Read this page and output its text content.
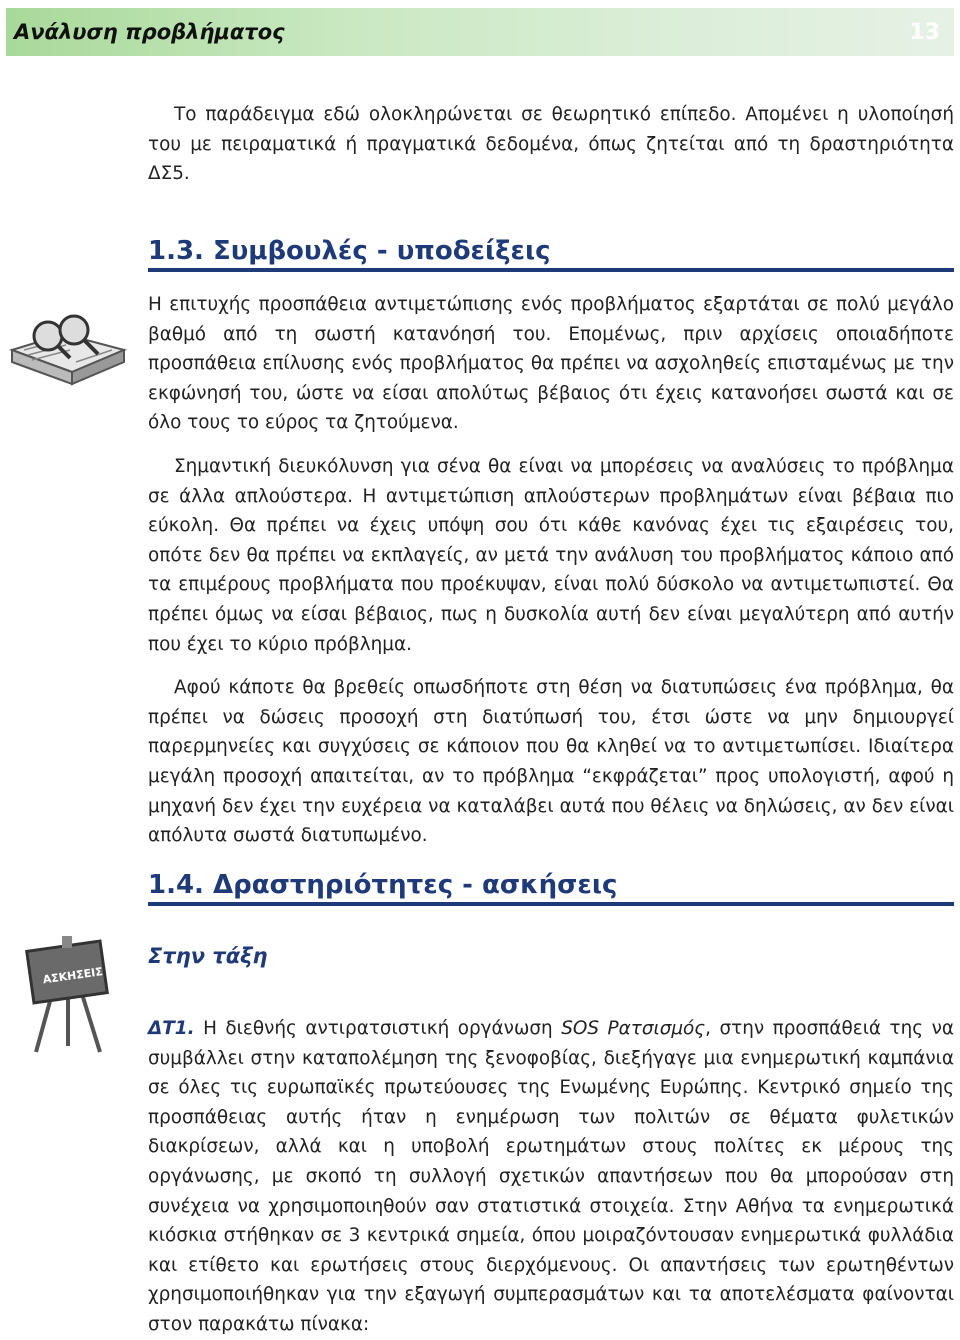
Ανάλυση προβλήματος	13

Το παράδειγμα εδώ ολοκληρώνεται σε θεωρητικό επίπεδο. Απομένει η υλοποίησή του με πειραματικά ή πραγματικά δεδομένα, όπως ζητείται από τη δραστηριότητα ΔΣ5.

1.3. Συμβουλές - υποδείξεις

Η επιτυχής προσπάθεια αντιμετώπισης ενός προβλήματος εξαρτάται σε πολύ μεγάλο βαθμό από τη σωστή κατανόησή του. Επομένως, πριν αρχίσεις οποιαδήποτε προσπάθεια επίλυσης ενός προβλήματος θα πρέπει να ασχοληθείς επισταμένως με την εκφώνησή του, ώστε να είσαι απολύτως βέβαιος ότι έχεις κατανοήσει σωστά και σε όλο τους το εύρος τα ζητούμενα.

Σημαντική διευκόλυνση για σένα θα είναι να μπορέσεις να αναλύσεις το πρόβλημα σε άλλα απλούστερα. Η αντιμετώπιση απλούστερων προβλημάτων είναι βέβαια πιο εύκολη. Θα πρέπει να έχεις υπόψη σου ότι κάθε κανόνας έχει τις εξαιρέσεις του, οπότε δεν θα πρέπει να εκπλαγείς, αν μετά την ανάλυση του προβλήματος κάποιο από τα επιμέρους προβλήματα που προέκυψαν, είναι πολύ δύσκολο να αντιμετωπιστεί. Θα πρέπει όμως να είσαι βέβαιος, πως η δυσκολία αυτή δεν είναι μεγαλύτερη από αυτήν που έχει το κύριο πρόβλημα.

Αφού κάποτε θα βρεθείς οπωσδήποτε στη θέση να διατυπώσεις ένα πρόβλημα, θα πρέπει να δώσεις προσοχή στη διατύπωσή του, έτσι ώστε να μην δημιουργεί παρερμηνείες και συγχύσεις σε κάποιον που θα κληθεί να το αντιμετωπίσει. Ιδιαίτερα μεγάλη προσοχή απαιτείται, αν το πρόβλημα “εκφράζεται” προς υπολογιστή, αφού η μηχανή δεν έχει την ευχέρεια να καταλάβει αυτά που θέλεις να δηλώσεις, αν δεν είναι απόλυτα σωστά διατυπωμένο.

1.4. Δραστηριότητες - ασκήσεις
ΑΣΚΗΣΕΙΣ
Στην τάξη

ΔΤ1. Η διεθνής αντιρατσιστική οργάνωση SOS Ρατσισμός, στην προσπάθειά της να συμβάλλει στην καταπολέμηση της ξενοφοβίας, διεξήγαγε μια ενημερωτική καμπάνια σε όλες τις ευρωπαϊκές πρωτεύουσες της Ενωμένης Ευρώπης. Κεντρικό σημείο της προσπάθειας αυτής ήταν η ενημέρωση των πολιτών σε θέματα φυλετικών διακρίσεων, αλλά και η υποβολή ερωτημάτων στους πολίτες εκ μέρους της οργάνωσης, με σκοπό τη συλλογή σχετικών απαντήσεων που θα μπορούσαν στη συνέχεια να χρησιμοποιηθούν σαν στατιστικά στοιχεία. Στην Αθήνα τα ενημερωτικά κιόσκια στήθηκαν σε 3 κεντρικά σημεία, όπου μοιραζόντουσαν ενημερωτικά φυλλάδια και ετίθετο και ερωτήσεις στους διερχόμενους. Οι απαντήσεις των ερωτηθέντων χρησιμοποιήθηκαν για την εξαγωγή συμπερασμάτων και τα αποτελέσματα φαίνονται στον παρακάτω πίνακα:
